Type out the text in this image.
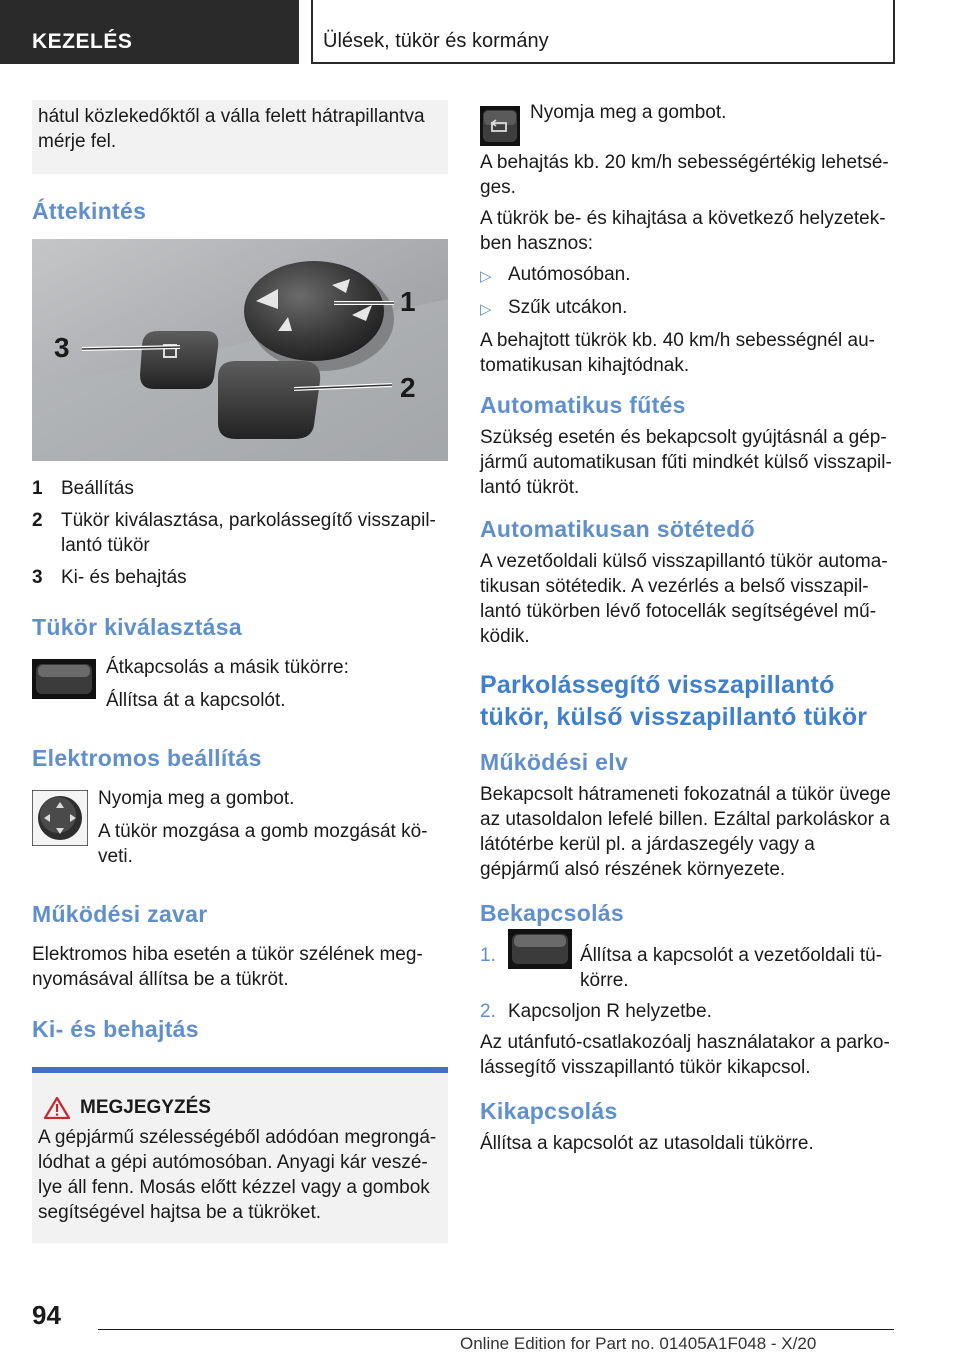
KEZELÉS	Ülések, tükör és kormány
hátul közlekedőktől a válla felett hátrapillantva mérje fel.
Áttekintés
3
1
2
1 Beállítás
2 Tükör kiválasztása, parkolássegítő visszapil-lantó tükör
3 Ki- és behajtás
Tükör kiválasztása
Átkapcsolás a másik tükörre:
Állítsa át a kapcsolót.
Elektromos beállítás
Nyomja meg a gombot.
A tükör mozgása a gomb mozgását kö-veti.
Működési zavar
Elektromos hiba esetén a tükör szélének meg-nyomásával állítsa be a tükröt.
Ki- és behajtás
MEGJEGYZÉS
A gépjármű szélességéből adódóan megrongá-lódhat a gépi autómosóban. Anyagi kár veszé-lye áll fenn. Mosás előtt kézzel vagy a gombok segítségével hajtsa be a tükröket.
Nyomja meg a gombot.
A behajtás kb. 20 km/h sebességértékig lehetsé-ges.
A tükrök be- és kihajtása a következő helyzetek-ben hasznos:
▷ Autómosóban.
▷ Szűk utcákon.
A behajtott tükrök kb. 40 km/h sebességnél au-tomatikusan kihajtódnak.
Automatikus fűtés
Szükség esetén és bekapcsolt gyújtásnál a gép-jármű automatikusan fűti mindkét külső visszapil-lantó tükröt.
Automatikusan sötétedő
A vezetőoldali külső visszapillantó tükör automa-tikusan sötétedik. A vezérlés a belső visszapil-lantó tükörben lévő fotocellák segítségével mű-ködik.
Parkolássegítő visszapillantó tükör, külső visszapillantó tükör
Működési elv
Bekapcsolt hátrameneti fokozatnál a tükör üvege az utasoldalon lefelé billen. Ezáltal parkoláskor a látótérbe kerül pl. a járdaszegély vagy a gépjármű alsó részének környezete.
Bekapcsolás
1.	Állítsa a kapcsolót a vezetőoldali tü-körre.
2. Kapcsoljon R helyzetbe.
Az utánfutó-csatlakozóalj használatakor a parko-lássegítő visszapillantó tükör kikapcsol.
Kikapcsolás
Állítsa a kapcsolót az utasoldali tükörre.
94
Online Edition for Part no. 01405A1F048 - X/20
